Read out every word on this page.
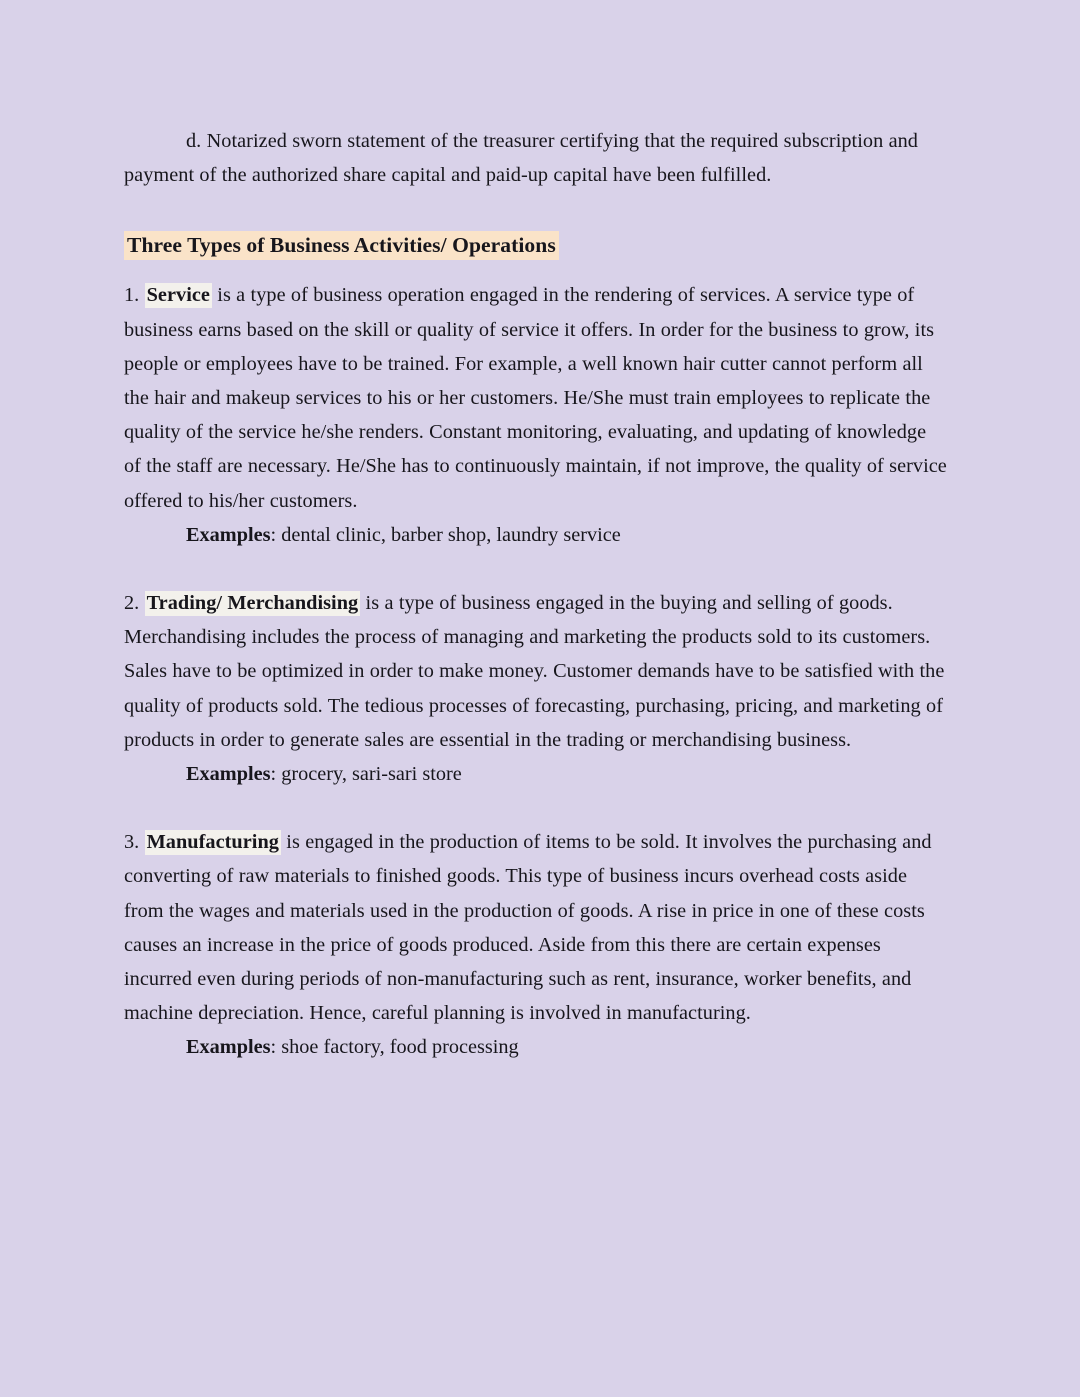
d. Notarized sworn statement of the treasurer certifying that the required subscription and payment of the authorized share capital and paid-up capital have been fulfilled.

Three Types of Business Activities/ Operations

1. Service is a type of business operation engaged in the rendering of services. A service type of business earns based on the skill or quality of service it offers. In order for the business to grow, its people or employees have to be trained. For example, a well known hair cutter cannot perform all the hair and makeup services to his or her customers. He/She must train employees to replicate the quality of the service he/she renders. Constant monitoring, evaluating, and updating of knowledge of the staff are necessary. He/She has to continuously maintain, if not improve, the quality of service offered to his/her customers.

Examples: dental clinic, barber shop, laundry service

2. Trading/ Merchandising is a type of business engaged in the buying and selling of goods. Merchandising includes the process of managing and marketing the products sold to its customers. Sales have to be optimized in order to make money. Customer demands have to be satisfied with the quality of products sold. The tedious processes of forecasting, purchasing, pricing, and marketing of products in order to generate sales are essential in the trading or merchandising business.

Examples: grocery, sari-sari store

3. Manufacturing is engaged in the production of items to be sold. It involves the purchasing and converting of raw materials to finished goods. This type of business incurs overhead costs aside from the wages and materials used in the production of goods. A rise in price in one of these costs causes an increase in the price of goods produced. Aside from this there are certain expenses incurred even during periods of non-manufacturing such as rent, insurance, worker benefits, and machine depreciation. Hence, careful planning is involved in manufacturing.

Examples: shoe factory, food processing
